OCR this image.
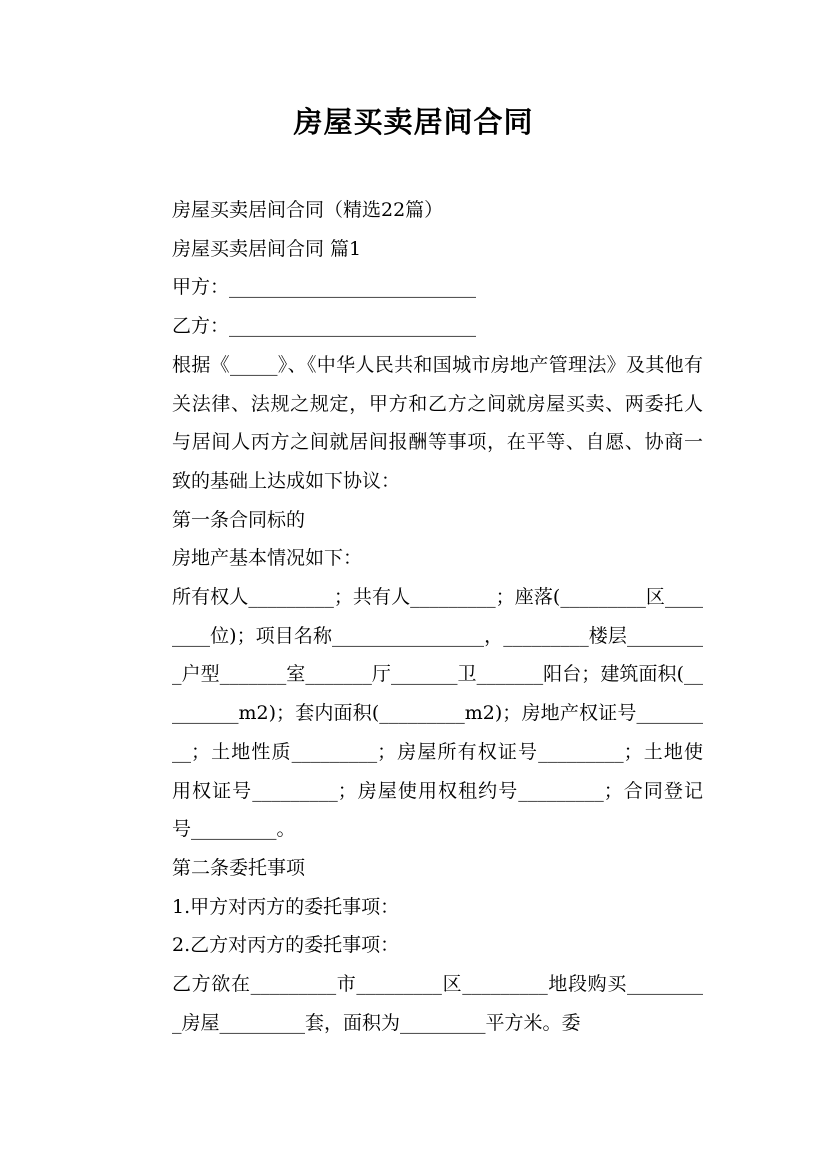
房屋买卖居间合同

房屋买卖居间合同（精选22篇）

房屋买卖居间合同 篇1

甲方：__________________________

乙方：__________________________

根据《_____》、《中华人民共和国城市房地产管理法》及其他有关法律、法规之规定，甲方和乙方之间就房屋买卖、两委托人与居间人丙方之间就居间报酬等事项，在平等、自愿、协商一致的基础上达成如下协议：

第一条合同标的

房地产基本情况如下：

所有权人_________；共有人_________；座落(_________区________位)；项目名称________________，_________楼层_________户型_______室_______厅_______卫_______阳台；建筑面积(_________m2)；套内面积(_________m2)；房地产权证号_________；土地性质_________；房屋所有权证号_________；土地使用权证号_________；房屋使用权租约号_________；合同登记号_________。

第二条委托事项

1.甲方对丙方的委托事项：

2.乙方对丙方的委托事项：

乙方欲在_________市_________区_________地段购买_________房屋_________套，面积为_________平方米。委
